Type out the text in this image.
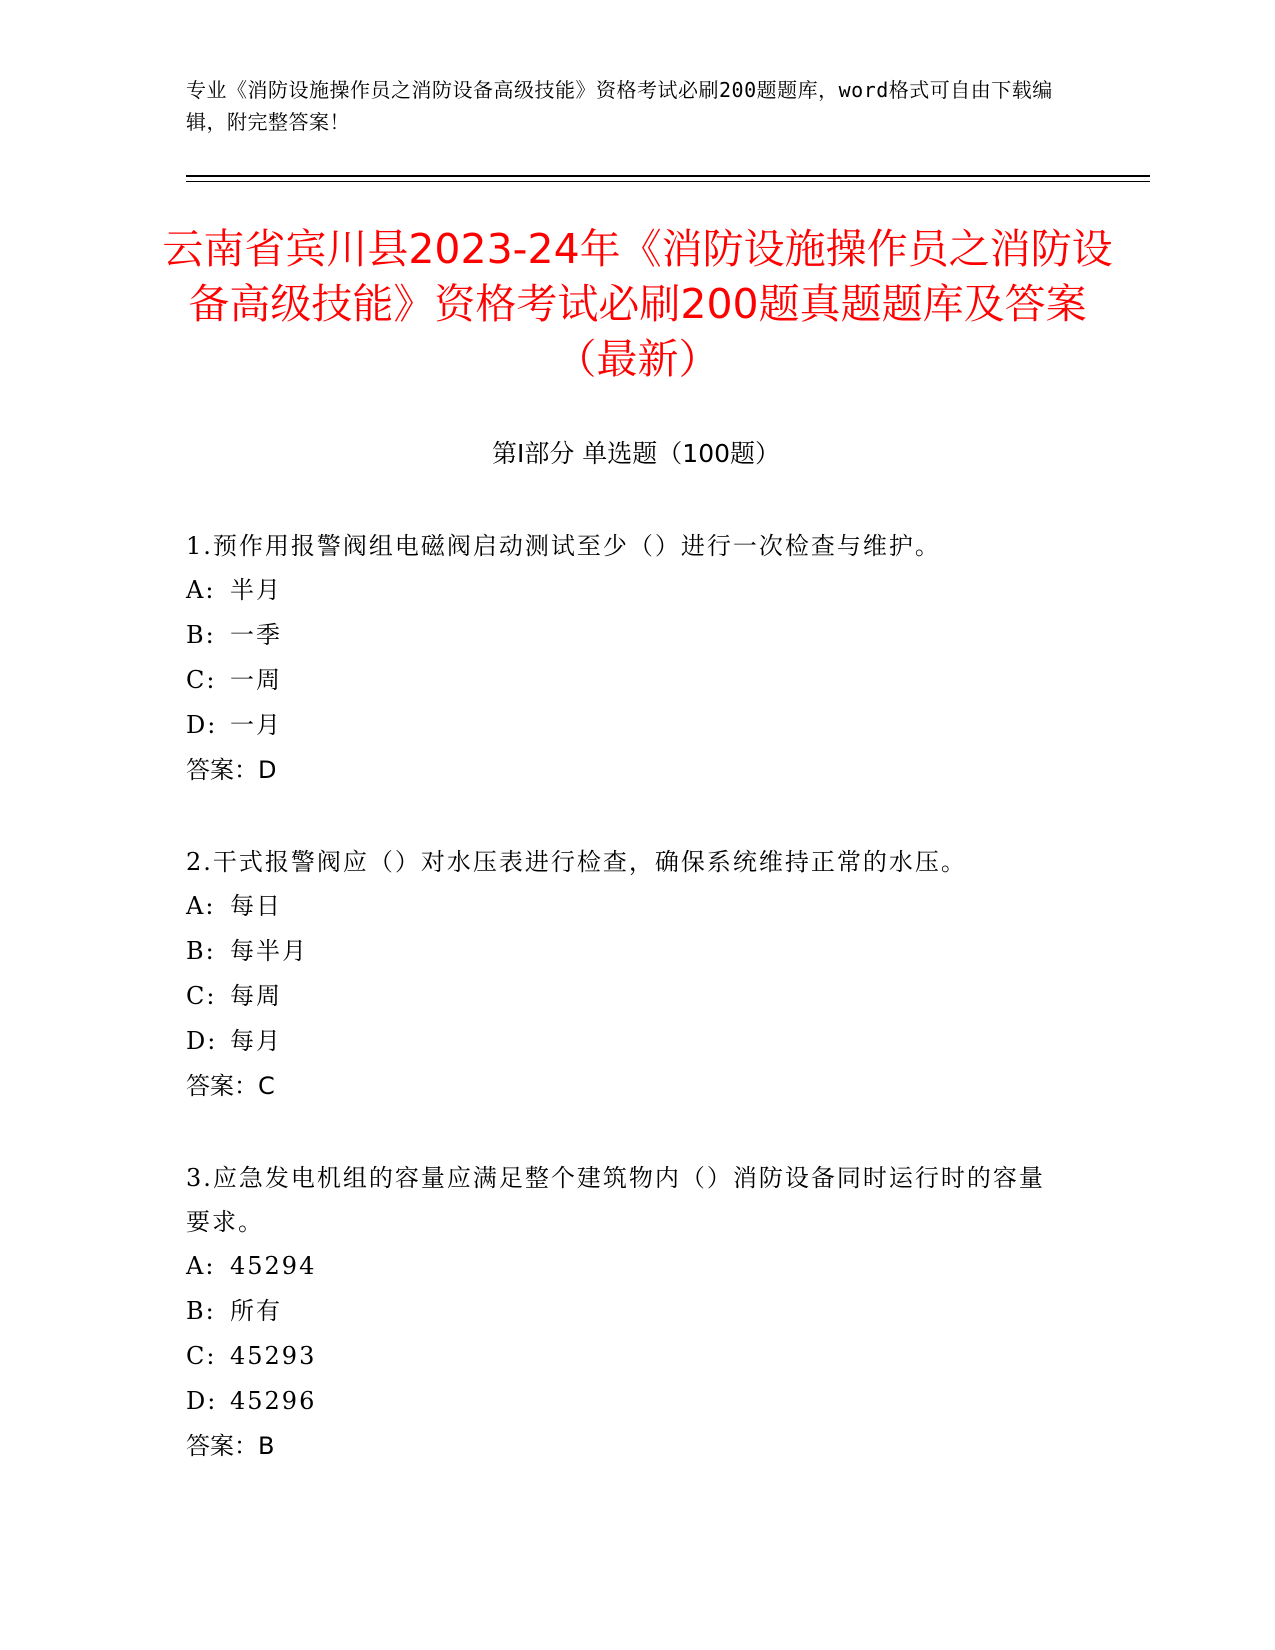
专业《消防设施操作员之消防设备高级技能》资格考试必刷200题题库，word格式可自由下载编辑，附完整答案！
云南省宾川县2023-24年《消防设施操作员之消防设备高级技能》资格考试必刷200题真题题库及答案（最新）
第Ⅰ部分 单选题（100题）

1.预作用报警阀组电磁阀启动测试至少（）进行一次检查与维护。

A: 半月

B: 一季

C: 一周

D: 一月

答案：D

2.干式报警阀应（）对水压表进行检查，确保系统维持正常的水压。

A: 每日

B: 每半月

C: 每周

D: 每月

答案：C

3.应急发电机组的容量应满足整个建筑物内（）消防设备同时运行时的容量要求。

A: 45294

B: 所有

C: 45293

D: 45296

答案：B
